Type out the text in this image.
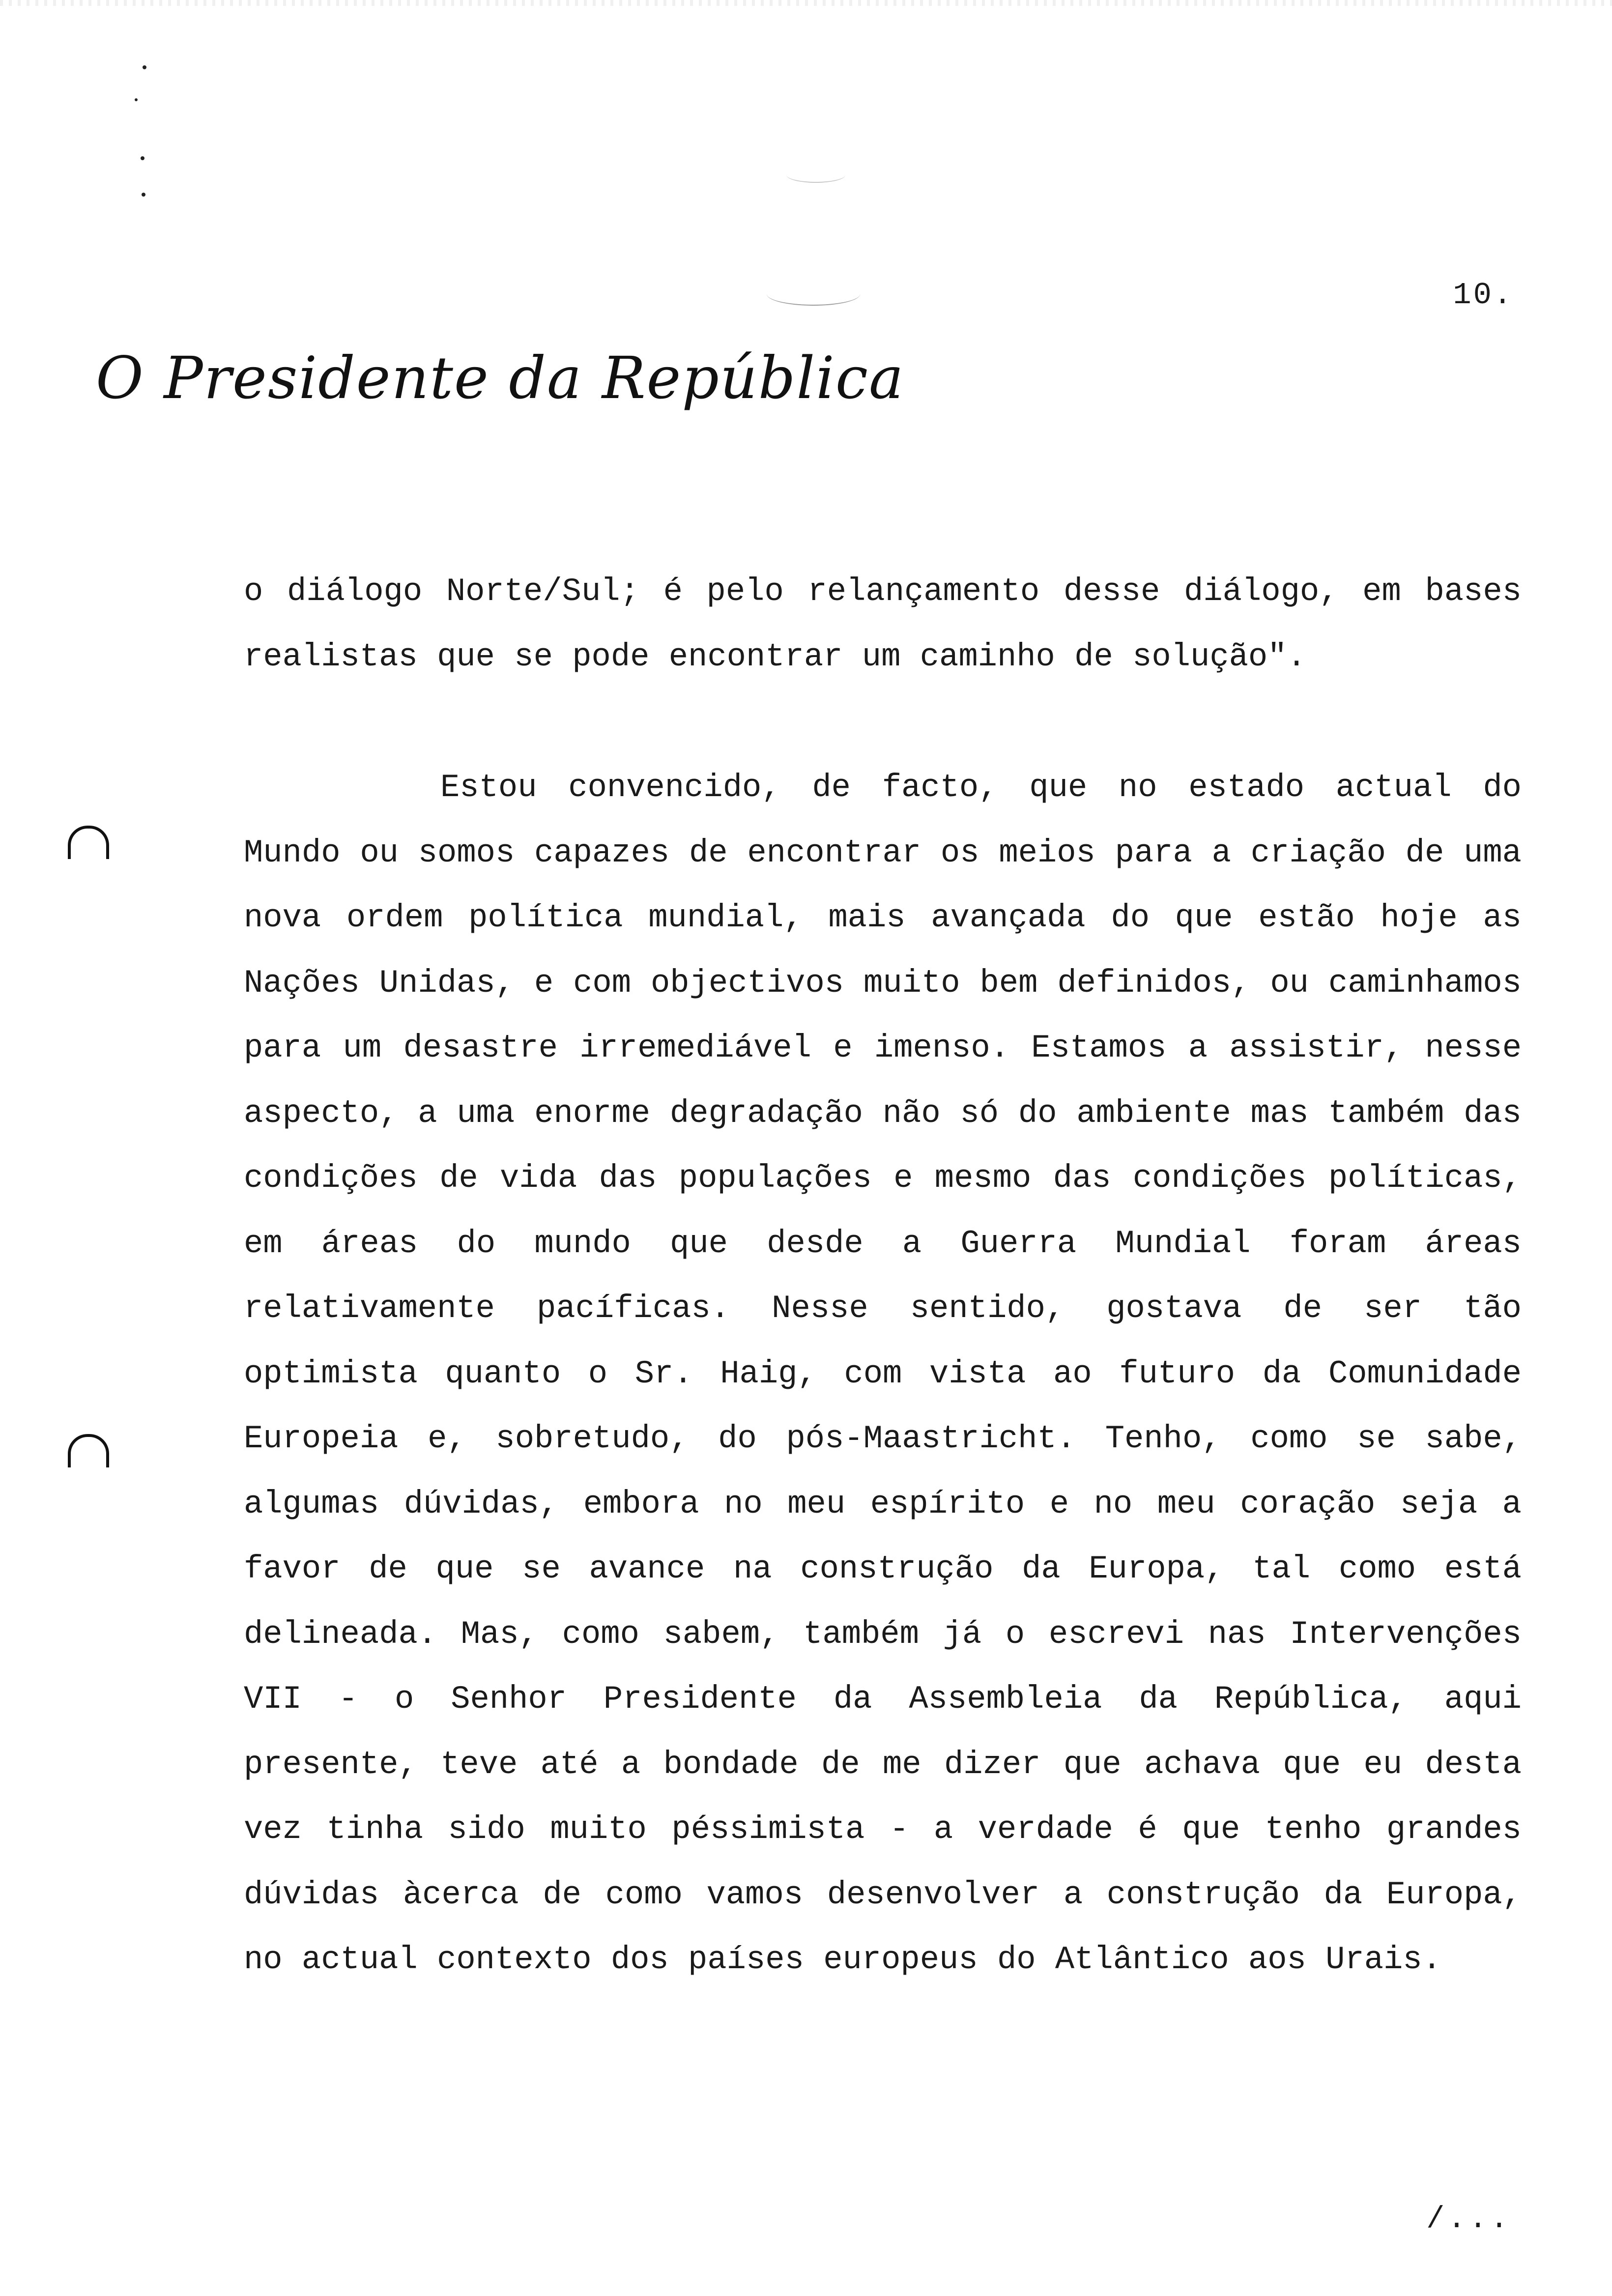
10.
O Presidente da República

o diálogo Norte/Sul; é pelo relançamento desse diálogo, em bases realistas que se pode encontrar um caminho de solução".

Estou convencido, de facto, que no estado actual do Mundo ou somos capazes de encontrar os meios para a criação de uma nova ordem política mundial, mais avançada do que estão hoje as Nações Unidas, e com objectivos muito bem definidos, ou caminhamos para um desastre irremediável e imenso. Estamos a assistir, nesse aspecto, a uma enorme degradação não só do ambiente mas também das condições de vida das populações e mesmo das condições políticas, em áreas do mundo que desde a Guerra Mundial foram áreas relativamente pacíficas. Nesse sentido, gostava de ser tão optimista quanto o Sr. Haig, com vista ao futuro da Comunidade Europeia e, sobretudo, do pós-Maastricht. Tenho, como se sabe, algumas dúvidas, embora no meu espírito e no meu coração seja a favor de que se avance na construção da Europa, tal como está delineada. Mas, como sabem, também já o escrevi nas Intervenções VII - o Senhor Presidente da Assembleia da República, aqui presente, teve até a bondade de me dizer que achava que eu desta vez tinha sido muito péssimista - a verdade é que tenho grandes dúvidas àcerca de como vamos desenvolver a construção da Europa, no actual contexto dos países europeus do Atlântico aos Urais.

/...
